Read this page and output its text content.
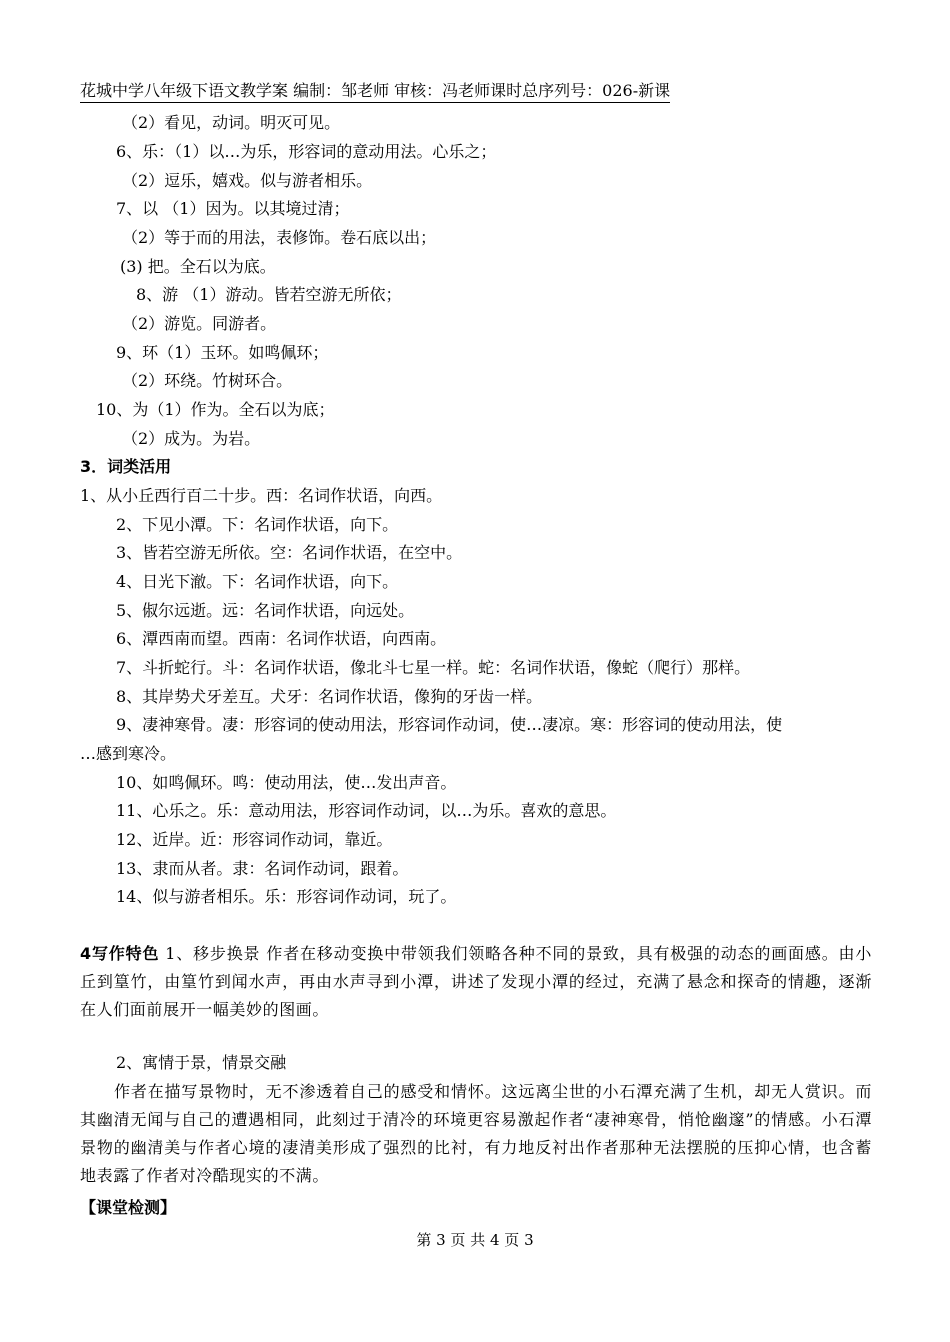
花城中学八年级下语文教学案 编制：邹老师 审核：冯老师课时总序列号：026-新课
（2）看见，动词。明灭可见。
6、乐：（1）以…为乐，形容词的意动用法。心乐之；
（2）逗乐，嬉戏。似与游者相乐。
7、以 （1）因为。以其境过清；
（2）等于而的用法，表修饰。卷石底以出；
(3) 把。全石以为底。
8、游 （1）游动。皆若空游无所依；
（2）游览。同游者。
9、环（1）玉环。如鸣佩环；
（2）环绕。竹树环合。
10、为（1）作为。全石以为底；
（2）成为。为岩。
3．词类活用
1、从小丘西行百二十步。西：名词作状语，向西。
2、下见小潭。下：名词作状语，向下。
3、皆若空游无所依。空：名词作状语，在空中。
4、日光下澈。下：名词作状语，向下。
5、俶尔远逝。远：名词作状语，向远处。
6、潭西南而望。西南：名词作状语，向西南。
7、斗折蛇行。斗：名词作状语，像北斗七星一样。蛇：名词作状语，像蛇（爬行）那样。
8、其岸势犬牙差互。犬牙：名词作状语，像狗的牙齿一样。
9、凄神寒骨。凄：形容词的使动用法，形容词作动词，使…凄凉。寒：形容词的使动用法，使
…感到寒冷。
10、如鸣佩环。鸣：使动用法，使…发出声音。
11、心乐之。乐：意动用法，形容词作动词，以…为乐。喜欢的意思。
12、近岸。近：形容词作动词，靠近。
13、隶而从者。隶：名词作动词，跟着。
14、似与游者相乐。乐：形容词作动词，玩了。
4写作特色 1、移步换景 作者在移动变换中带领我们领略各种不同的景致，具有极强的动态的画面感。由小丘到篁竹，由篁竹到闻水声，再由水声寻到小潭，讲述了发现小潭的经过，充满了悬念和探奇的情趣，逐渐在人们面前展开一幅美妙的图画。
2、寓情于景，情景交融
作者在描写景物时，无不渗透着自己的感受和情怀。这远离尘世的小石潭充满了生机，却无人赏识。而其幽清无闻与自己的遭遇相同，此刻过于清冷的环境更容易激起作者“凄神寒骨，悄怆幽邃”的情感。小石潭景物的幽清美与作者心境的凄清美形成了强烈的比衬，有力地反衬出作者那种无法摆脱的压抑心情，也含蓄地表露了作者对冷酷现实的不满。
【课堂检测】
第 3 页 共 4 页 3
